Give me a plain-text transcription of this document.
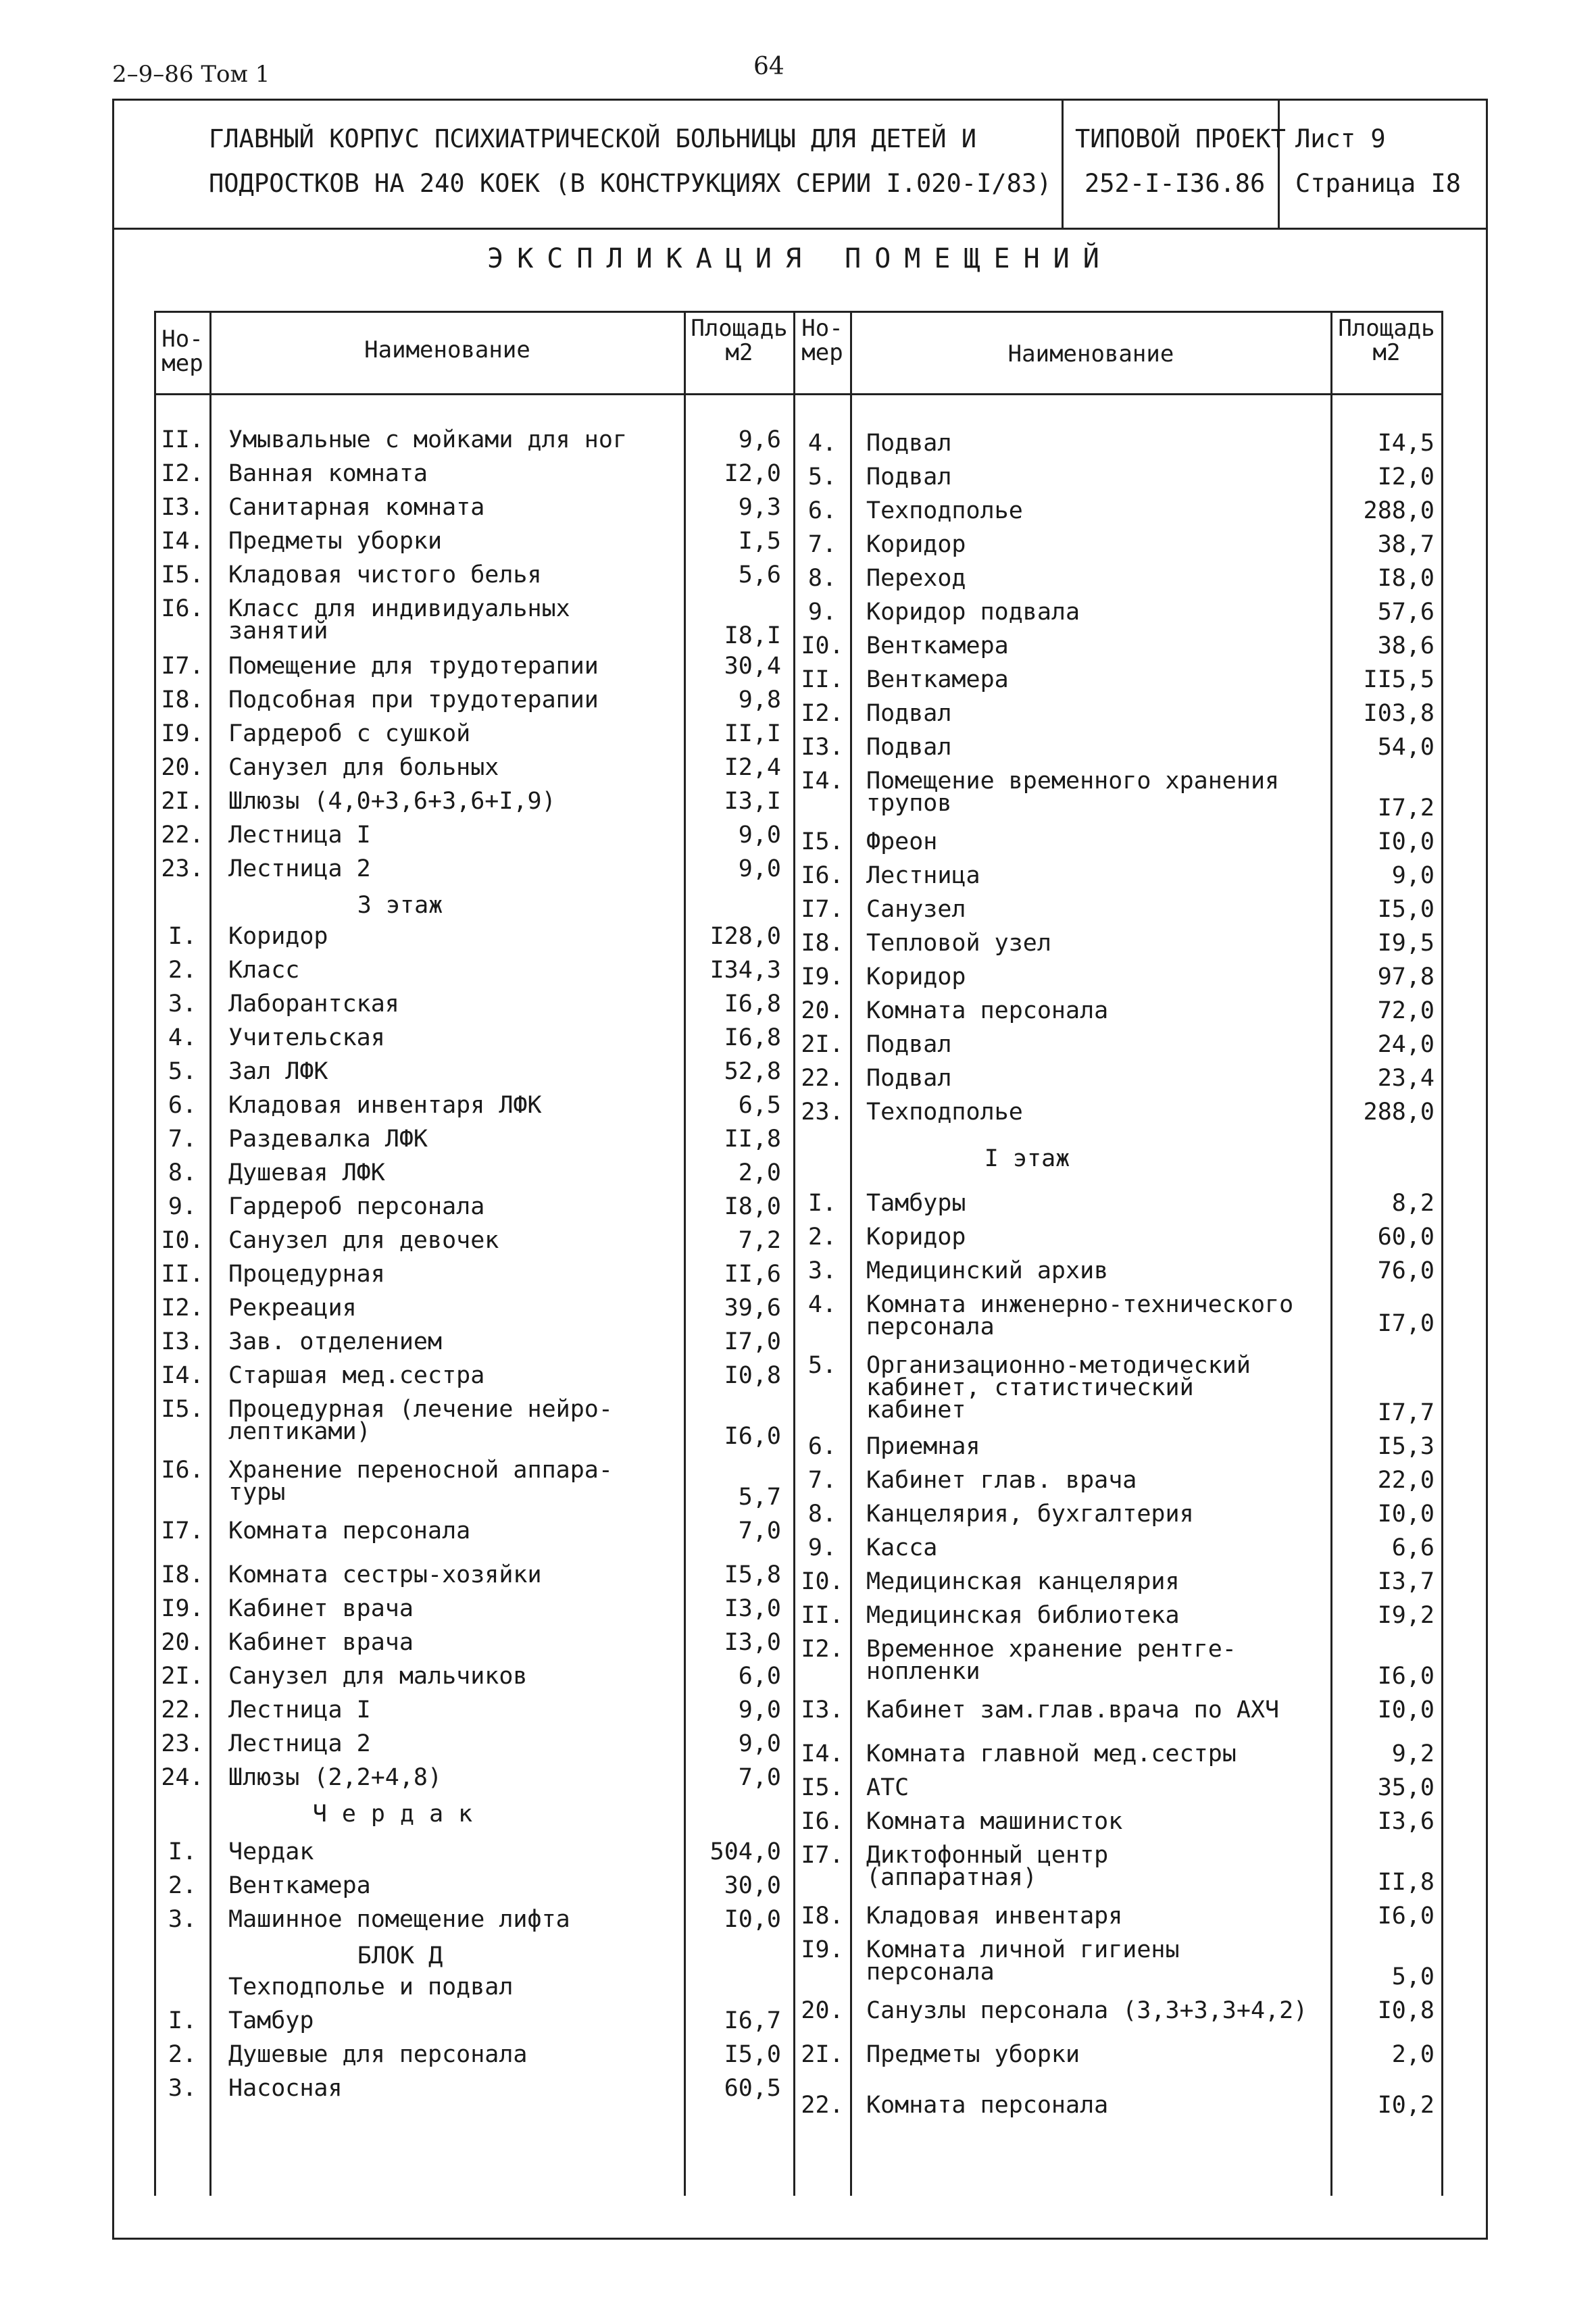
2–9–86 Том 1	64
ГЛАВНЫЙ КОРПУС ПСИХИАТРИЧЕСКОЙ БОЛЬНИЦЫ ДЛЯ ДЕТЕЙ И
ПОДРОСТКОВ НА 240 КОЕК (В КОНСТРУКЦИЯХ СЕРИИ I.020-I/83)
ТИПОВОЙ ПРОЕКТ
252-I-I36.86
Лист 9
Страница I8
ЭКСПЛИКАЦИЯ ПОМЕЩЕНИЙ
Но-
мер	Наименование
Площадь
м2
Но-
мер	Наименование
Площадь
м2
II. Умывальные с мойками для ног	9,6
I2. Ванная комната	I2,0
I3. Санитарная комната	9,3
I4. Предметы уборки	I,5
I5. Кладовая чистого белья	5,6
I6. Класс для индивидуальных
занятий	I8,I
I7. Помещение для трудотерапии	30,4
I8. Подсобная при трудотерапии	9,8
I9. Гардероб с сушкой	II,I
20. Санузел для больных	I2,4
2I. Шлюзы (4,0+3,6+3,6+I,9)	I3,I
22. Лестница I	9,0
23. Лестница 2	9,0
I.	Коридор	I28,0
2.	Класс	I34,3
3.	Лаборантская	I6,8
4.	Учительская	I6,8
5.	Зал ЛФК	52,8
6.	Кладовая инвентаря ЛФК	6,5
7.	Раздевалка ЛФК	II,8
8.	Душевая ЛФК	2,0
9.	Гардероб персонала	I8,0
I0. Санузел для девочек	7,2
II. Процедурная	II,6
I2. Рекреация	39,6
I3. Зав. отделением	I7,0
I4. Старшая мед.сестра	I0,8
I5. Процедурная (лечение нейро-
лептиками)	I6,0
I6. Хранение переносной аппара-
туры	5,7
I7. Комната персонала	7,0
I8. Комната сестры-хозяйки	I5,8
I9. Кабинет врача	I3,0
20. Кабинет врача	I3,0
2I. Санузел для мальчиков	6,0
22. Лестница I	9,0
23. Лестница 2	9,0
24. Шлюзы (2,2+4,8)	7,0
I.	Чердак	504,0
2.	Венткамера	30,0
3.	Машинное помещение лифта	I0,0
I.	Тамбур	I6,7
2.	Душевые для персонала	I5,0
3.	Насосная	60,5
4.	Подвал	I4,5
5.	Подвал	I2,0
6.	Техподполье	288,0
7.	Коридор	38,7
8.	Переход	I8,0
9.	Коридор подвала	57,6
I0. Венткамера	38,6
II. Венткамера	II5,5
I2. Подвал	I03,8
I3. Подвал	54,0
I4. Помещение временного хранения
трупов	I7,2
I5. Фреон	I0,0
I6. Лестница	9,0
I7. Санузел	I5,0
I8. Тепловой узел	I9,5
I9. Коридор	97,8
20. Комната персонала	72,0
2I. Подвал	24,0
22. Подвал	23,4
23. Техподполье	288,0
I.	Тамбуры	8,2
2.	Коридор	60,0
3.	Медицинский архив	76,0
4.	Комната инженерно-технического
персонала	I7,0
5.	Организационно-методический
кабинет, статистический
кабинет	I7,7
6.	Приемная	I5,3
7.	Кабинет глав. врача	22,0
8.	Канцелярия, бухгалтерия	I0,0
9.	Касса	6,6
I0. Медицинская канцелярия	I3,7
II. Медицинская библиотека	I9,2
I2. Временное хранение рентге-
нопленки	I6,0
I3. Кабинет зам.глав.врача по АХЧ	I0,0
I4. Комната главной мед.сестры	9,2
I5. АТС	35,0
I6. Комната машинисток	I3,6
I7. Диктофонный центр
(аппаратная)	II,8
I8. Кладовая инвентаря	I6,0
I9. Комната личной гигиены
персонала	5,0
20. Санузлы персонала (3,3+3,3+4,2)	I0,8
2I. Предметы уборки	2,0
22. Комната персонала	I0,2
3 этаж
Чердак
БЛОК Д
I этаж
Техподполье и подвал
